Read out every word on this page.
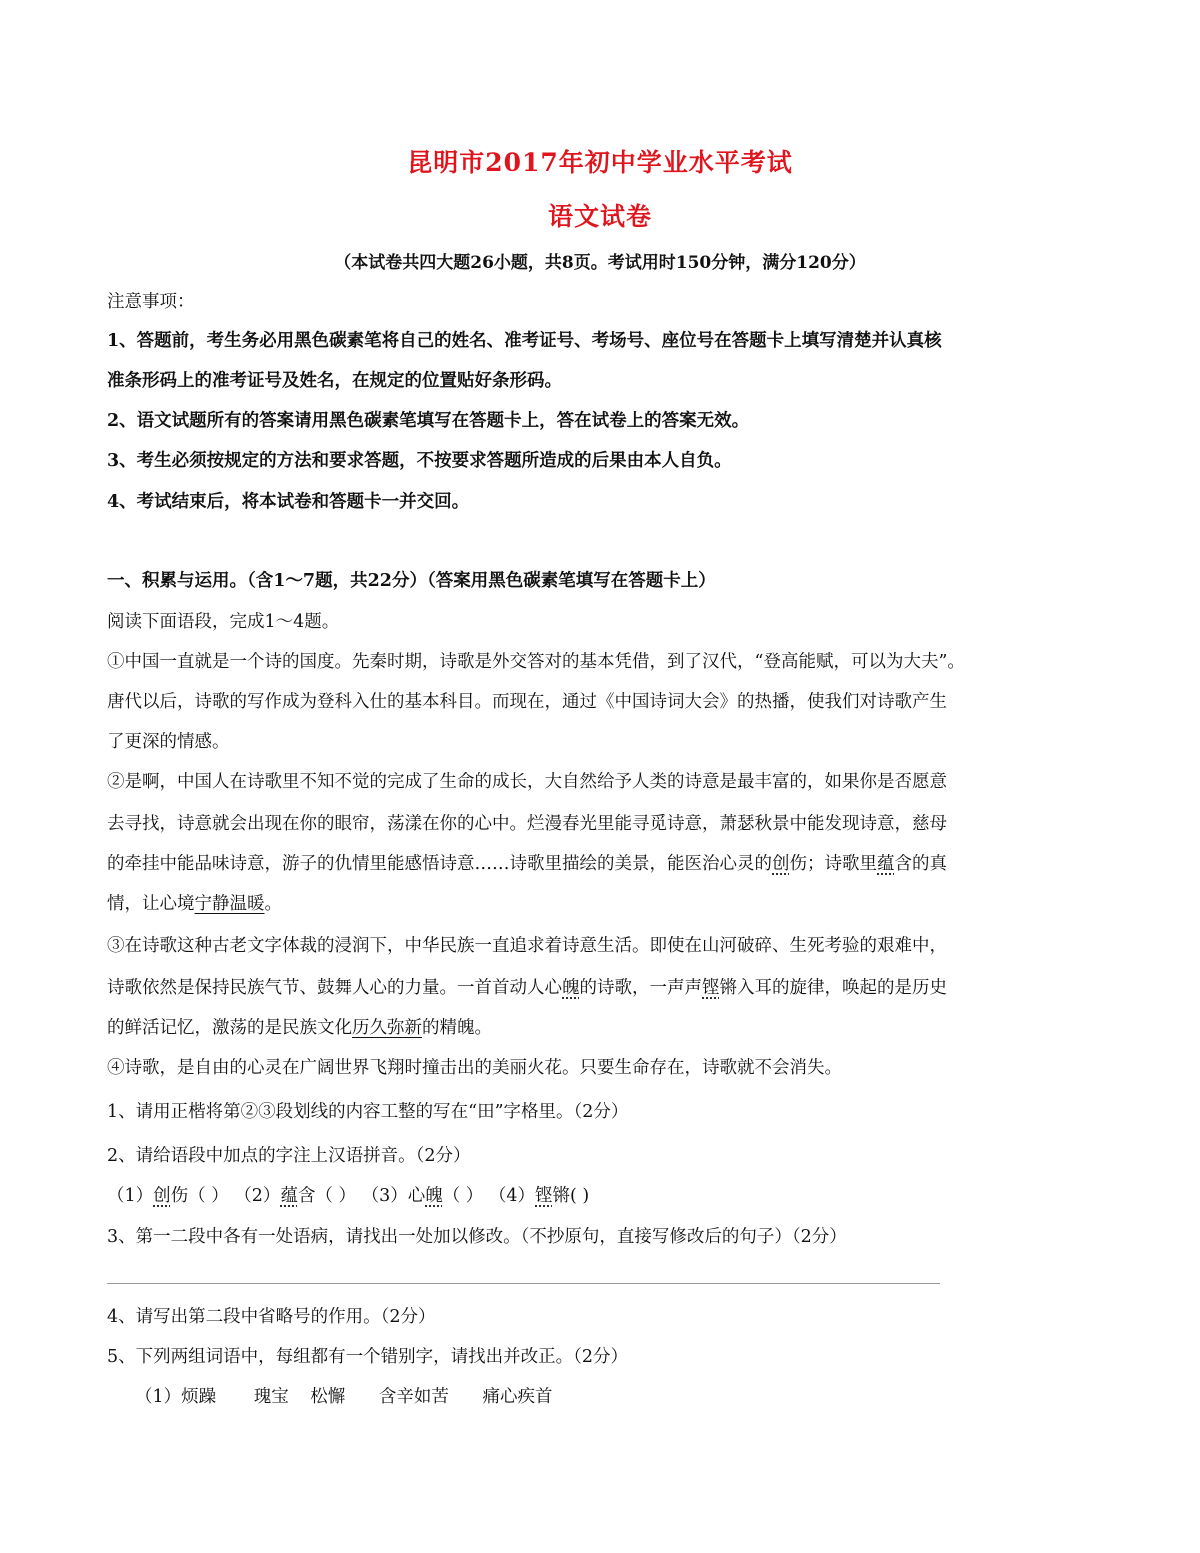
昆明市2017年初中学业水平考试
语文试卷
（本试卷共四大题26小题，共8页。考试用时150分钟，满分120分）
注意事项：
1、答题前，考生务必用黑色碳素笔将自己的姓名、准考证号、考场号、座位号在答题卡上填写清楚并认真核
准条形码上的准考证号及姓名，在规定的位置贴好条形码。
2、语文试题所有的答案请用黑色碳素笔填写在答题卡上，答在试卷上的答案无效。
3、考生必须按规定的方法和要求答题，不按要求答题所造成的后果由本人自负。
4、考试结束后，将本试卷和答题卡一并交回。
一、积累与运用。（含1～7题，共22分）（答案用黑色碳素笔填写在答题卡上）
阅读下面语段，完成1～4题。
①中国一直就是一个诗的国度。先秦时期，诗歌是外交答对的基本凭借，到了汉代，“登高能赋，可以为大夫”。
唐代以后，诗歌的写作成为登科入仕的基本科目。而现在，通过《中国诗词大会》的热播，使我们对诗歌产生
了更深的情感。
②是啊，中国人在诗歌里不知不觉的完成了生命的成长，大自然给予人类的诗意是最丰富的，如果你是否愿意
去寻找，诗意就会出现在你的眼帘，荡漾在你的心中。烂漫春光里能寻觅诗意，萧瑟秋景中能发现诗意，慈母
的牵挂中能品味诗意，游子的仇情里能感悟诗意……诗歌里描绘的美景，能医治心灵的创伤；诗歌里蕴含的真
情，让心境宁静温暖。
③在诗歌这种古老文字体裁的浸润下，中华民族一直追求着诗意生活。即使在山河破碎、生死考验的艰难中，
诗歌依然是保持民族气节、鼓舞人心的力量。一首首动人心魄的诗歌，一声声铿锵入耳的旋律，唤起的是历史
的鲜活记忆，激荡的是民族文化历久弥新的精魄。
④诗歌，是自由的心灵在广阔世界飞翔时撞击出的美丽火花。只要生命存在，诗歌就不会消失。
1、请用正楷将第②③段划线的内容工整的写在“田”字格里。（2分）
2、请给语段中加点的字注上汉语拼音。（2分）
（1）创伤（ ） （2）蕴含（ ） （3）心魄（ ） （4）铿锵( )
3、第一二段中各有一处语病，请找出一处加以修改。（不抄原句，直接写修改后的句子）（2分）
4、请写出第二段中省略号的作用。（2分）
5、下列两组词语中，每组都有一个错别字，请找出并改正。（2分）
（1）烦躁 瑰宝 松懈 含辛如苦 痛心疾首
